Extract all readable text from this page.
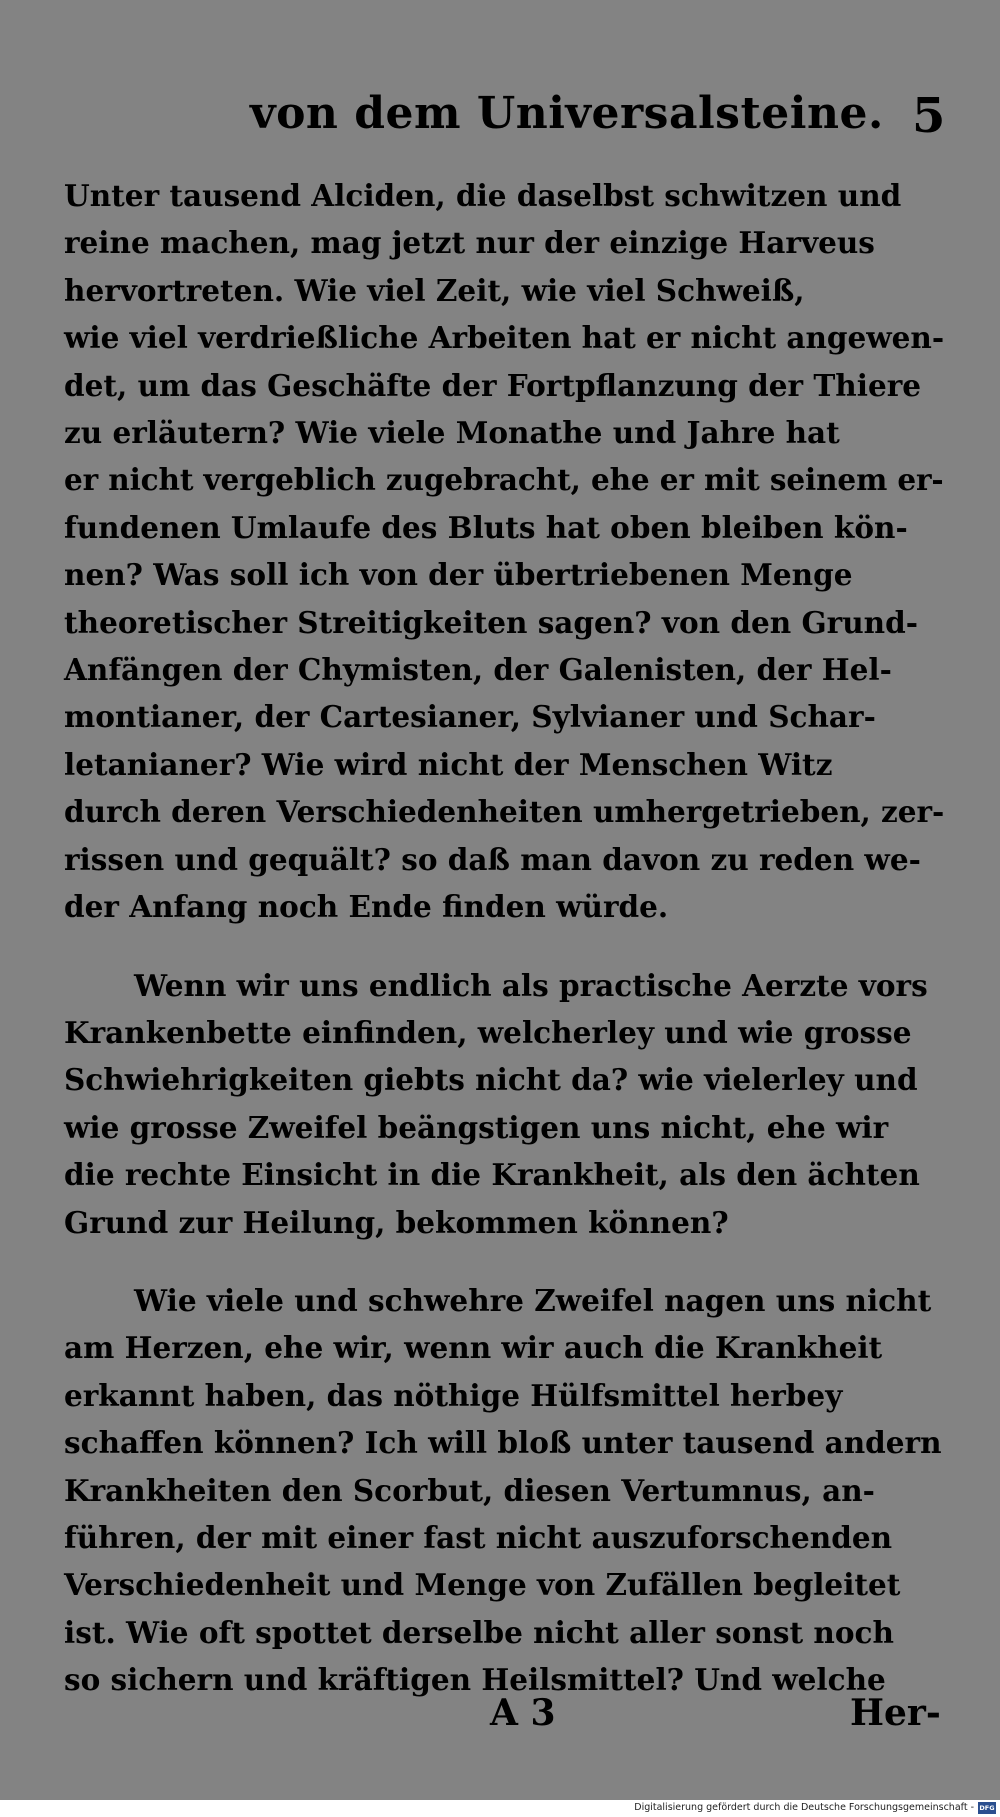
von dem Universalsteine. 5
Unter tausend Alciden, die daselbst schwitzen und
reine machen, mag jetzt nur der einzige Harveus
hervortreten. Wie viel Zeit, wie viel Schweiß,
wie viel verdrießliche Arbeiten hat er nicht angewen-
det, um das Geschäfte der Fortpflanzung der Thiere
zu erläutern? Wie viele Monathe und Jahre hat
er nicht vergeblich zugebracht, ehe er mit seinem er-
fundenen Umlaufe des Bluts hat oben bleiben kön-
nen? Was soll ich von der übertriebenen Menge
theoretischer Streitigkeiten sagen? von den Grund-
Anfängen der Chymisten, der Galenisten, der Hel-
montianer, der Cartesianer, Sylvianer und Schar-
letanianer? Wie wird nicht der Menschen Witz
durch deren Verschiedenheiten umhergetrieben, zer-
rissen und gequält? so daß man davon zu reden we-
der Anfang noch Ende finden würde.
Wenn wir uns endlich als practische Aerzte vors
Krankenbette einfinden, welcherley und wie grosse
Schwiehrigkeiten giebts nicht da? wie vielerley und
wie grosse Zweifel beängstigen uns nicht, ehe wir
die rechte Einsicht in die Krankheit, als den ächten
Grund zur Heilung, bekommen können?
Wie viele und schwehre Zweifel nagen uns nicht
am Herzen, ehe wir, wenn wir auch die Krankheit
erkannt haben, das nöthige Hülfsmittel herbey
schaffen können? Ich will bloß unter tausend andern
Krankheiten den Scorbut, diesen Vertumnus, an-
führen, der mit einer fast nicht auszuforschenden
Verschiedenheit und Menge von Zufällen begleitet
ist. Wie oft spottet derselbe nicht aller sonst noch
so sichern und kräftigen Heilsmittel? Und welche
A 3	Her-
Digitalisierung gefördert durch die Deutsche Forschungsgemeinschaft - DFG
